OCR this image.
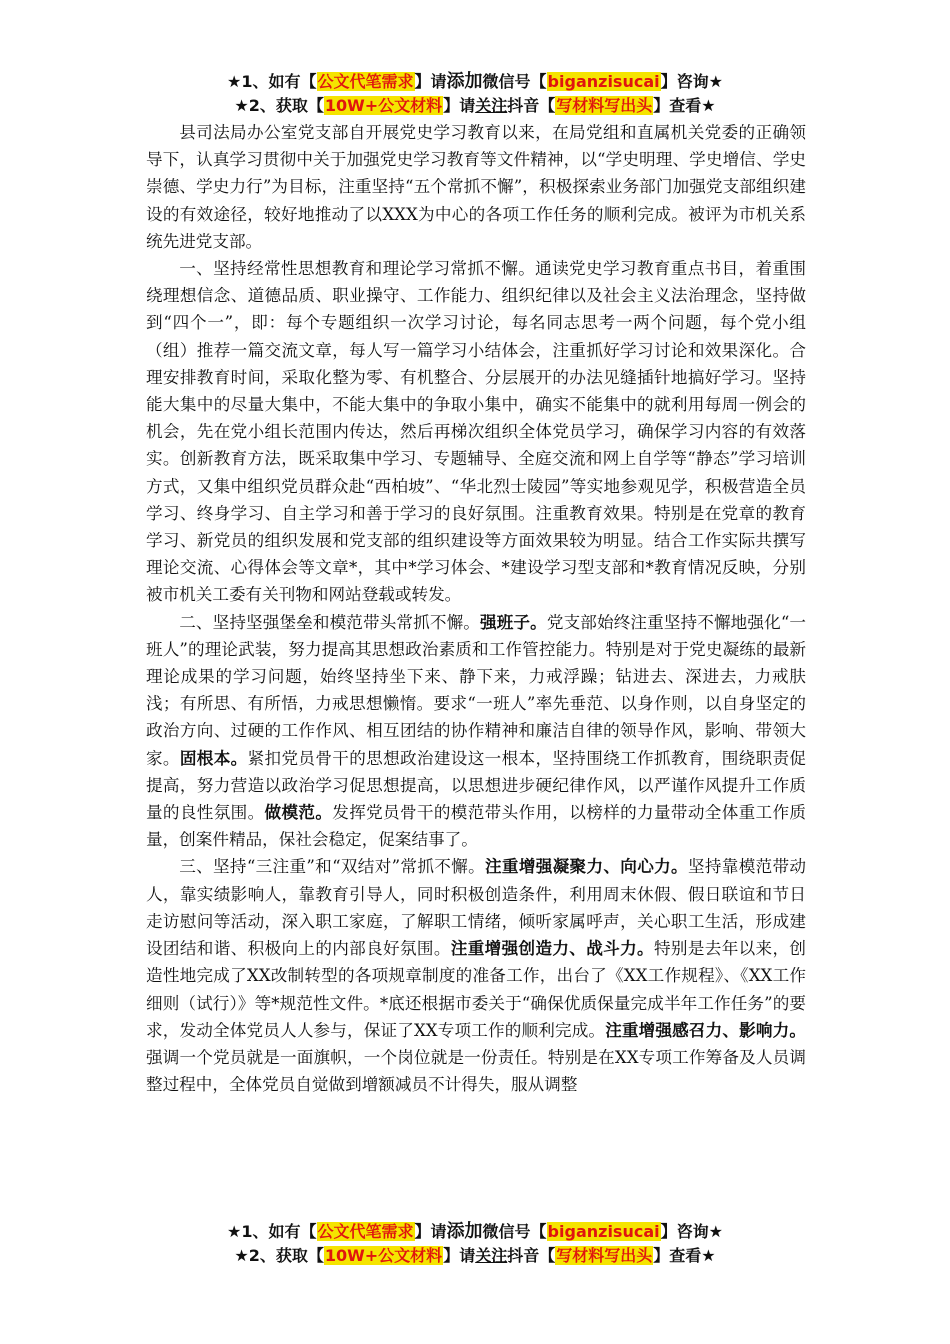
★1、如有【公文代笔需求】请添加微信号【biganzisucai】咨询★
★2、获取【10W+公文材料】请关注抖音【写材料写出头】查看★

县司法局办公室党支部自开展党史学习教育以来，在局党组和直属机关党委的正确领导下，认真学习贯彻中关于加强党史学习教育等文件精神，以“学史明理、学史增信、学史崇德、学史力行”为目标，注重坚持“五个常抓不懈”，积极探索业务部门加强党支部组织建设的有效途径，较好地推动了以XXX为中心的各项工作任务的顺利完成。被评为市机关系统先进党支部。

一、坚持经常性思想教育和理论学习常抓不懈。通读党史学习教育重点书目，着重围绕理想信念、道德品质、职业操守、工作能力、组织纪律以及社会主义法治理念，坚持做到“四个一”，即：每个专题组织一次学习讨论，每名同志思考一两个问题，每个党小组（组）推荐一篇交流文章，每人写一篇学习小结体会，注重抓好学习讨论和效果深化。合理安排教育时间，采取化整为零、有机整合、分层展开的办法见缝插针地搞好学习。坚持能大集中的尽量大集中，不能大集中的争取小集中，确实不能集中的就利用每周一例会的机会，先在党小组长范围内传达，然后再梯次组织全体党员学习，确保学习内容的有效落实。创新教育方法，既采取集中学习、专题辅导、全庭交流和网上自学等“静态”学习培训方式，又集中组织党员群众赴“西柏坡”、“华北烈士陵园”等实地参观见学，积极营造全员学习、终身学习、自主学习和善于学习的良好氛围。注重教育效果。特别是在党章的教育学习、新党员的组织发展和党支部的组织建设等方面效果较为明显。结合工作实际共撰写理论交流、心得体会等文章*，其中*学习体会、*建设学习型支部和*教育情况反映，分别被市机关工委有关刊物和网站登载或转发。

二、坚持坚强堡垒和模范带头常抓不懈。强班子。党支部始终注重坚持不懈地强化“一班人”的理论武装，努力提高其思想政治素质和工作管控能力。特别是对于党史凝练的最新理论成果的学习问题，始终坚持坐下来、静下来，力戒浮躁；钻进去、深进去，力戒肤浅；有所思、有所悟，力戒思想懒惰。要求“一班人”率先垂范、以身作则，以自身坚定的政治方向、过硬的工作作风、相互团结的协作精神和廉洁自律的领导作风，影响、带领大家。固根本。紧扣党员骨干的思想政治建设这一根本，坚持围绕工作抓教育，围绕职责促提高，努力营造以政治学习促思想提高，以思想进步硬纪律作风，以严谨作风提升工作质量的良性氛围。做模范。发挥党员骨干的模范带头作用，以榜样的力量带动全体重工作质量，创案件精品，保社会稳定，促案结事了。

三、坚持“三注重”和“双结对”常抓不懈。注重增强凝聚力、向心力。坚持靠模范带动人，靠实绩影响人，靠教育引导人，同时积极创造条件，利用周末休假、假日联谊和节日走访慰问等活动，深入职工家庭，了解职工情绪，倾听家属呼声，关心职工生活，形成建设团结和谐、积极向上的内部良好氛围。注重增强创造力、战斗力。特别是去年以来，创造性地完成了XX改制转型的各项规章制度的准备工作，出台了《XX工作规程》、《XX工作细则（试行）》等*规范性文件。*底还根据市委关于“确保优质保量完成半年工作任务”的要求，发动全体党员人人参与，保证了XX专项工作的顺利完成。注重增强感召力、影响力。强调一个党员就是一面旗帜，一个岗位就是一份责任。特别是在XX专项工作筹备及人员调整过程中，全体党员自觉做到增额减员不计得失，服从调整

★1、如有【公文代笔需求】请添加微信号【biganzisucai】咨询★
★2、获取【10W+公文材料】请关注抖音【写材料写出头】查看★
